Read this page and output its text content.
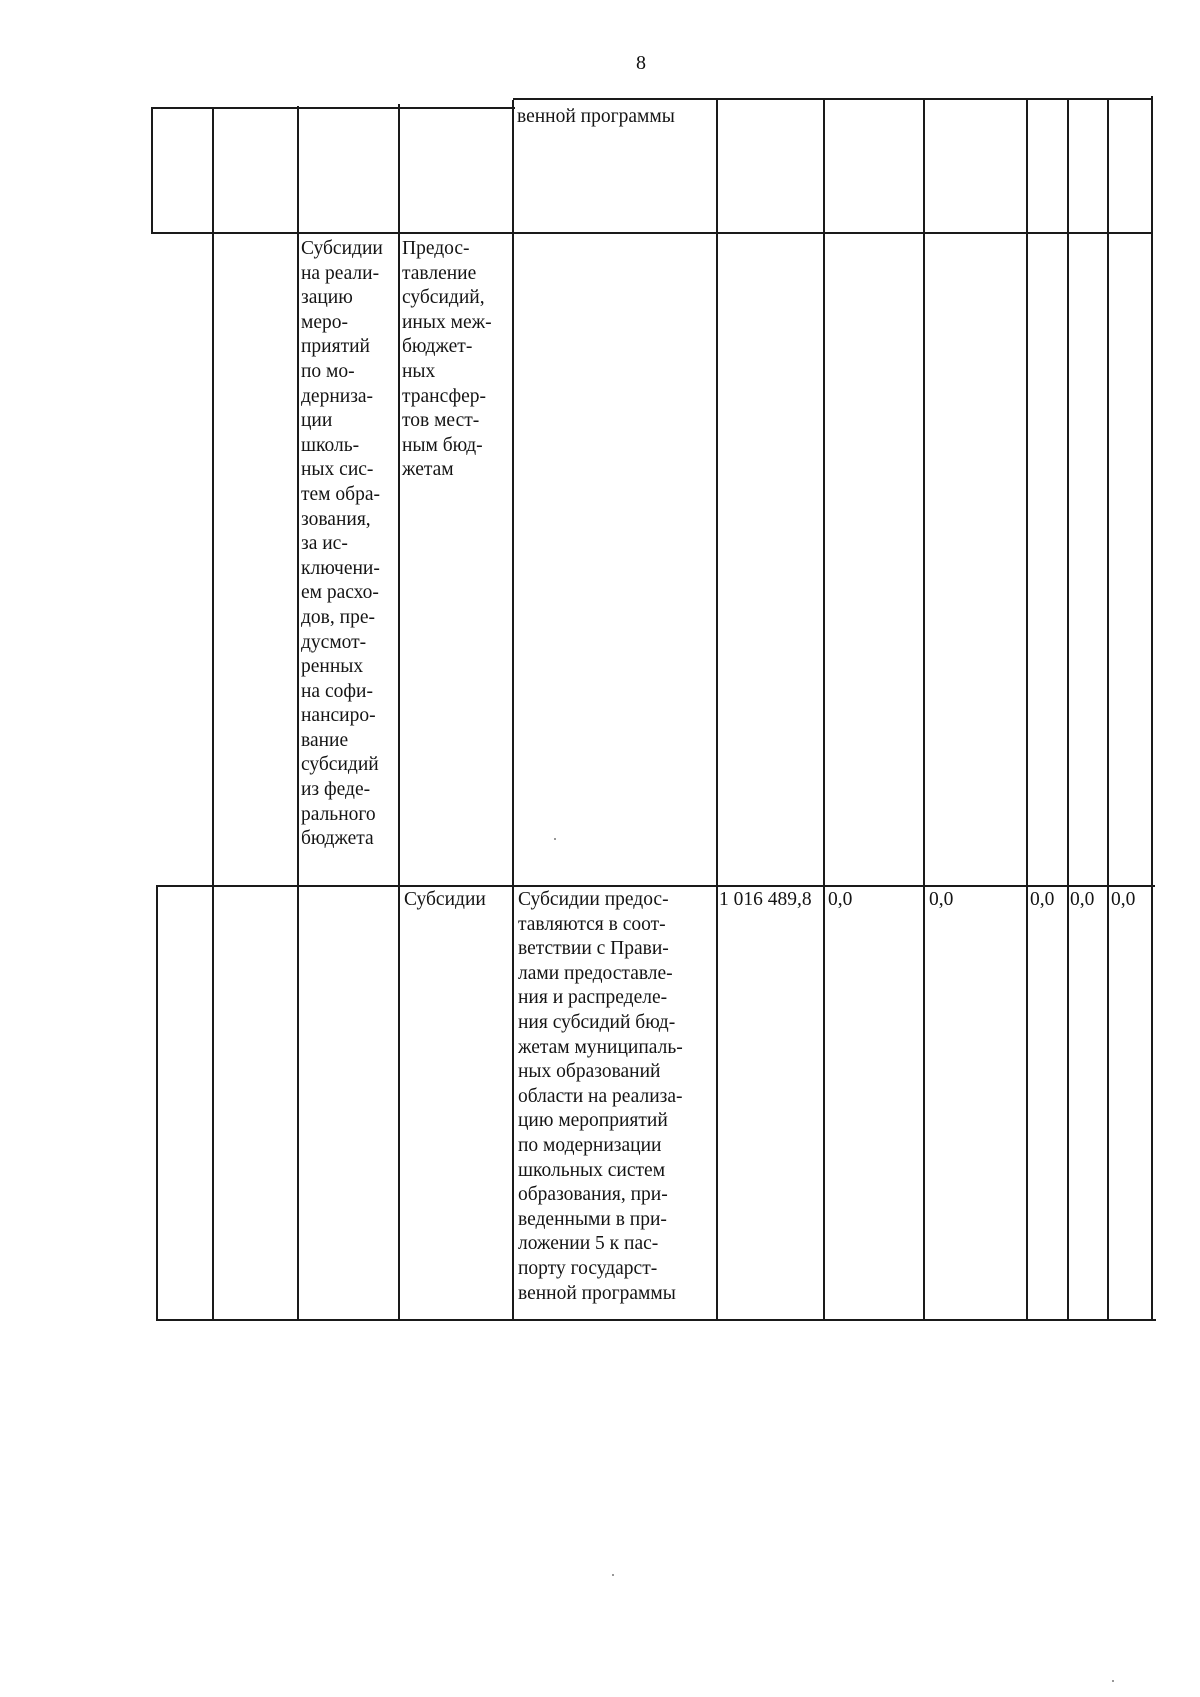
8
венной программы
Субсидии
на реали-
зацию
меро-
приятий
по мо-
дерниза-
ции
школь-
ных сис-
тем обра-
зования,
за ис-
ключени-
ем расхо-
дов, пре-
дусмот-
ренных
на софи-
нансиро-
вание
субсидий
из феде-
рального
бюджета
Предос-
тавление
субсидий,
иных меж-
бюджет-
ных
трансфер-
тов мест-
ным бюд-
жетам
Субсидии Субсидии предос-
тавляются в соот-
ветствии с Прави-
лами предоставле-
ния и распределе-
ния субсидий бюд-
жетам муниципаль-
ных образований
области на реализа-
цию мероприятий
по модернизации
школьных систем
образования, при-
веденными в при-
ложении 5 к пас-
порту государст-
венной программы
1 016 489,8 0,0	0,0	0,0 0,0 0,0
